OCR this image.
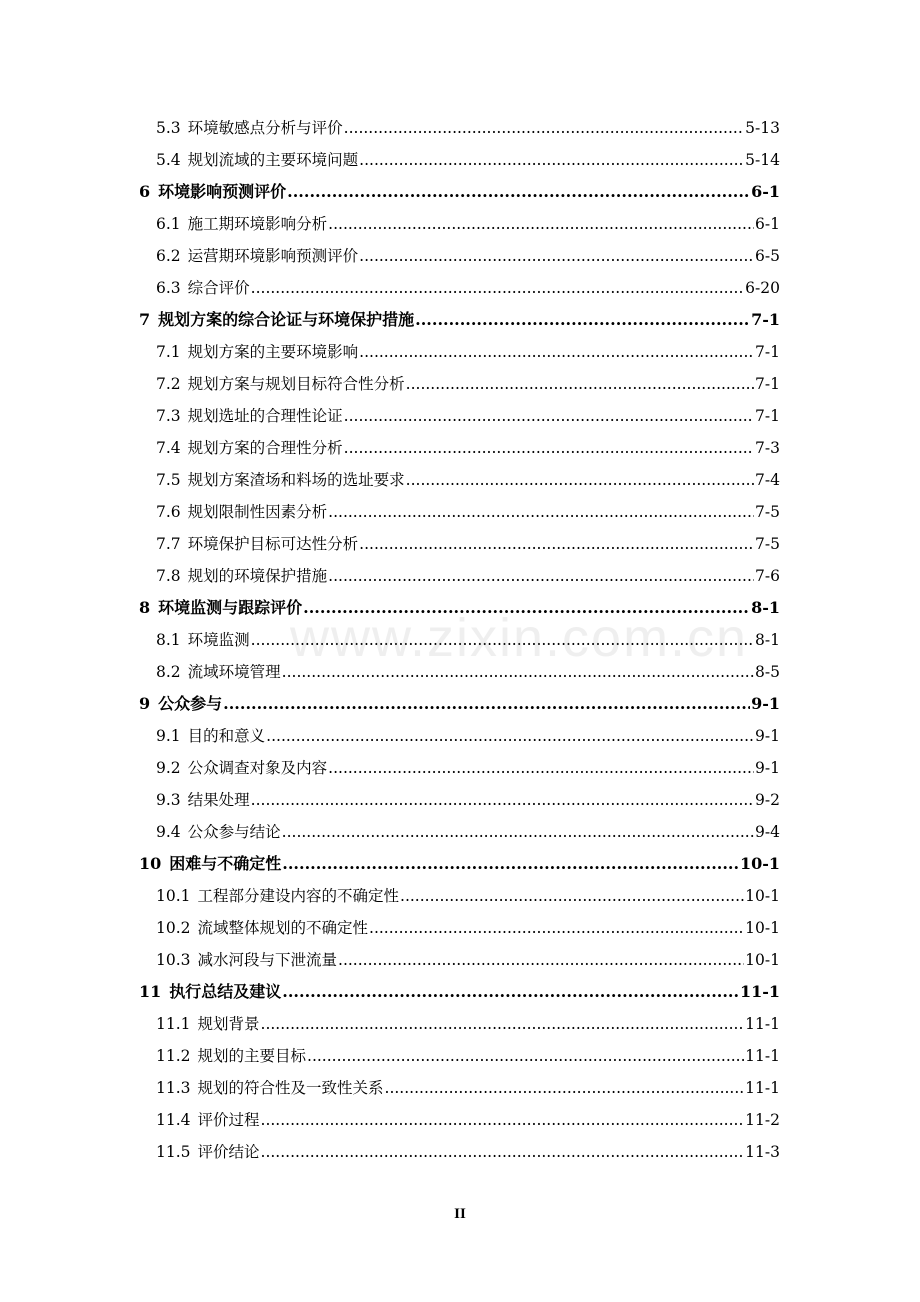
5.3 环境敏感点分析与评价 .....	5-13
5.4 规划流域的主要环境问题 .....	5-14
6 环境影响预测评价 .....	6-1
6.1 施工期环境影响分析 .....	6-1
6.2 运营期环境影响预测评价 .....	6-5
6.3 综合评价 .....	6-20
7 规划方案的综合论证与环境保护措施 .....	7-1
7.1 规划方案的主要环境影响 .....	7-1
7.2 规划方案与规划目标符合性分析 .....	7-1
7.3 规划选址的合理性论证 .....	7-1
7.4 规划方案的合理性分析 .....	7-3
7.5 规划方案渣场和料场的选址要求 .....	7-4
7.6 规划限制性因素分析 .....	7-5
7.7 环境保护目标可达性分析 .....	7-5
7.8 规划的环境保护措施 .....	7-6
8 环境监测与跟踪评价 .....	8-1
8.1 环境监测 .....	8-1
8.2 流域环境管理 .....	8-5
9 公众参与 .....	9-1
9.1 目的和意义 .....	9-1
9.2 公众调查对象及内容 .....	9-1
9.3 结果处理 .....	9-2
9.4 公众参与结论 .....	9-4
10 困难与不确定性 .....	10-1
10.1 工程部分建设内容的不确定性 .....	10-1
10.2 流域整体规划的不确定性 .....	10-1
10.3 减水河段与下泄流量 .....	10-1
11 执行总结及建议 .....	11-1
11.1 规划背景 .....	11-1
11.2 规划的主要目标 .....	11-1
11.3 规划的符合性及一致性关系 .....	11-1
11.4 评价过程 .....	11-2
11.5 评价结论 .....	11-3
www.zixin.com.cn
II
